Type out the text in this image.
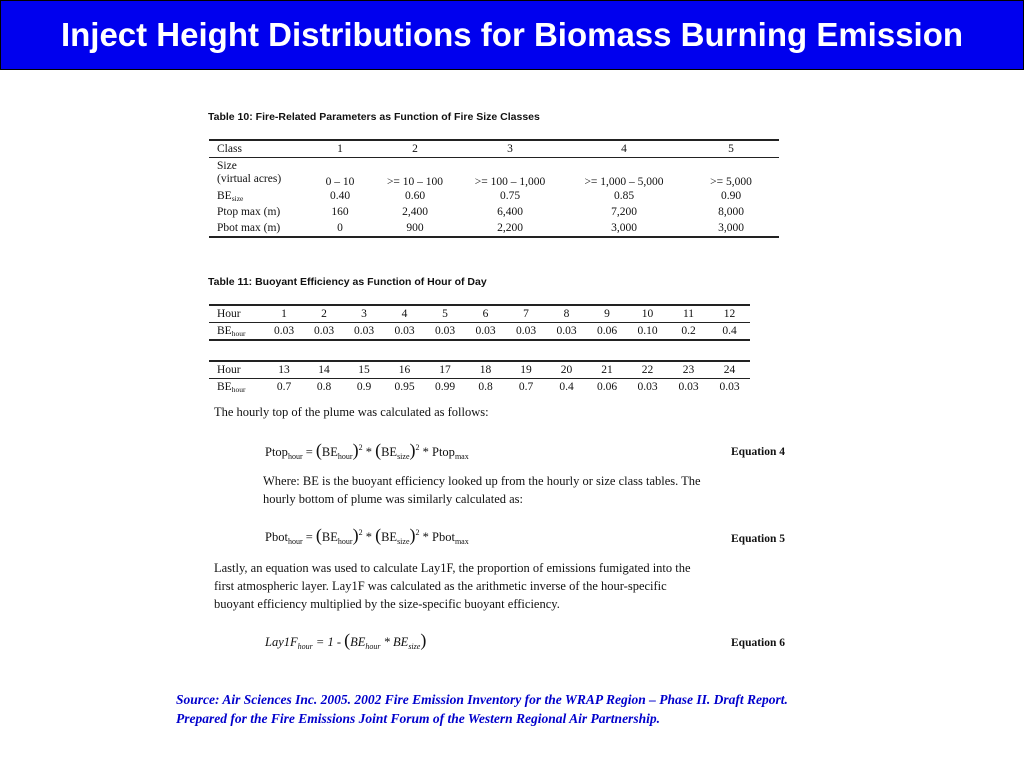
Inject Height Distributions for Biomass Burning Emission
Table 10: Fire-Related Parameters as Function of Fire Size Classes
Class	1	2	3	4	5
Size
(virtual acres)	0 – 10	>= 10 – 100	>= 100 – 1,000	>= 1,000 – 5,000	>= 5,000
$BE_{size}$	0.40	0.60	0.75	0.85	0.90
Ptop max (m)	160	2,400	6,400	7,200	8,000
Pbot max (m)	0	900	2,200	3,000	3,000
Table 11: Buoyant Efficiency as Function of Hour of Day
Hour	1	2	3	4	5	6	7	8	9	10	11	12
$BE_{hour}$	0.03	0.03	0.03	0.03	0.03	0.03	0.03	0.03	0.06	0.10	0.2	0.4
Hour	13	14	15	16	17	18	19	20	21	22	23	24
$BE_{hour}$	0.7	0.8	0.9	0.95	0.99	0.8	0.7	0.4	0.06	0.03	0.03	0.03
The hourly top of the plume was calculated as follows:
Ptop$_{hour}$ = $(BE_{hour})^2 * (BE_{size})^2$ * Ptop$_{max}$	Equation 4
Where: BE is the buoyant efficiency looked up from the hourly or size class tables. The
hourly bottom of plume was similarly calculated as:
Pbot$_{hour}$ = $(BE_{hour})^2 * (BE_{size})^2$ * Pbot$_{max}$	Equation 5
Lastly, an equation was used to calculate Lay1F, the proportion of emissions fumigated into the
first atmospheric layer. Lay1F was calculated as the arithmetic inverse of the hour-specific
buoyant efficiency multiplied by the size-specific buoyant efficiency.
$Lay1F_{hour} = 1 - (BE_{hour} * BE_{size})$	Equation 6
Source: Air Sciences Inc. 2005. 2002 Fire Emission Inventory for the WRAP Region – Phase II. Draft Report.
Prepared for the Fire Emissions Joint Forum of the Western Regional Air Partnership.
